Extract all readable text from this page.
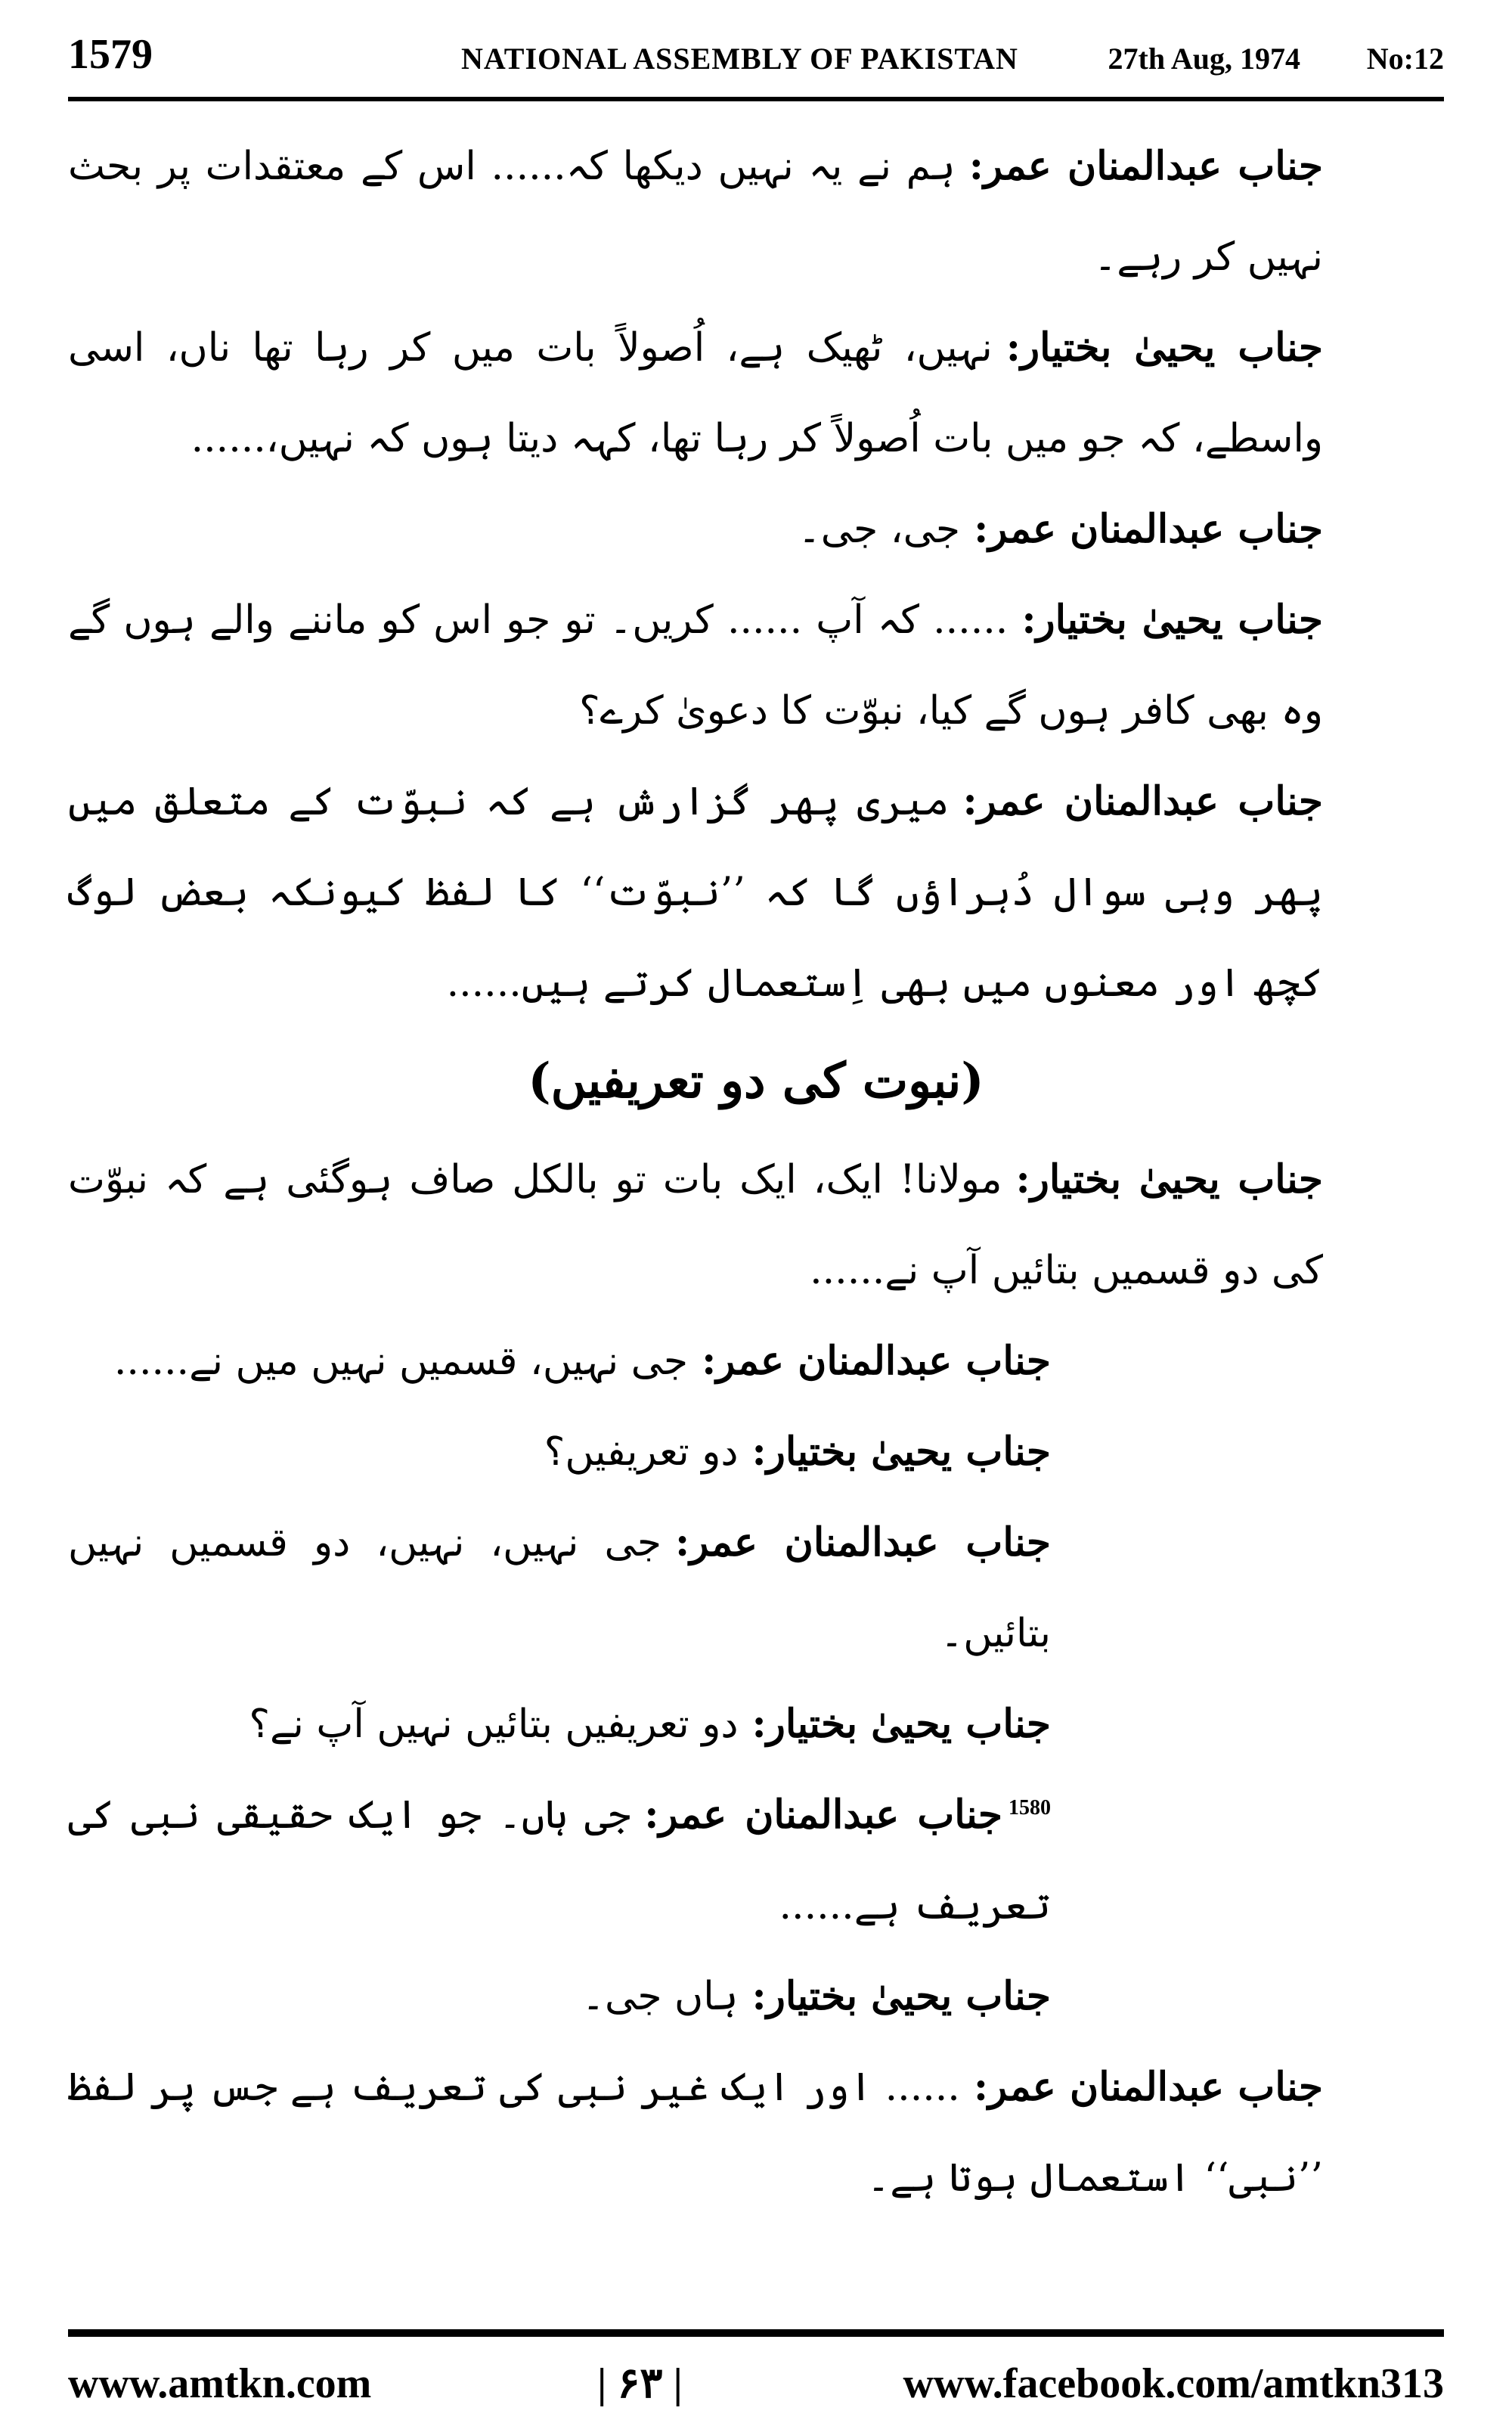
1579	NATIONAL ASSEMBLY OF PAKISTAN	27th Aug, 1974 No:12

جناب عبدالمنان عمر :ہم نے یہ نہیں دیکھا کہ...... اس کے معتقدات پر بحث نہیں کر رہے۔

جناب یحییٰ بختیار :نہیں، ٹھیک ہے، اُصولاً بات میں کر رہا تھا ناں، اسی واسطے، کہ جو میں بات اُصولاً کر رہا تھا، کہہ دیتا ہوں کہ نہیں،......

جناب عبدالمنان عمر :جی، جی۔

جناب یحییٰ بختیار :...... کہ آپ ...... کریں۔ تو جو اس کو ماننے والے ہوں گے وہ بھی کافر ہوں گے کیا، نبوّت کا دعویٰ کرے؟

جناب عبدالمنان عمر :میری پھر گزارش ہے کہ نبوّت کے متعلق میں پھر وہی سوال دُہراؤں گا کہ ’’نبوّت‘‘ کا لفظ کیونکہ بعض لوگ کچھ اور معنوں میں بھی اِستعمال کرتے ہیں......

(نبوت کی دو تعریفیں)

جناب یحییٰ بختیار :مولانا! ایک، ایک بات تو بالکل صاف ہوگئی ہے کہ نبوّت کی دو قسمیں بتائیں آپ نے......

جناب عبدالمنان عمر :جی نہیں، قسمیں نہیں میں نے......

جناب یحییٰ بختیار :دو تعریفیں؟

جناب عبدالمنان عمر :جی نہیں، نہیں، دو قسمیں نہیں بتائیں۔

جناب یحییٰ بختیار :دو تعریفیں بتائیں نہیں آپ نے؟

$^{1580}$جناب عبدالمنان عمر :جی ہاں۔ جو ایک حقیقی نبی کی تعریف ہے......

جناب یحییٰ بختیار :ہاں جی۔

جناب عبدالمنان عمر :...... اور ایک غیر نبی کی تعریف ہے جس پر لفظ ’’نبی‘‘ استعمال ہوتا ہے۔

www.amtkn.com	| ۶۳ |	www.facebook.com/amtkn313
